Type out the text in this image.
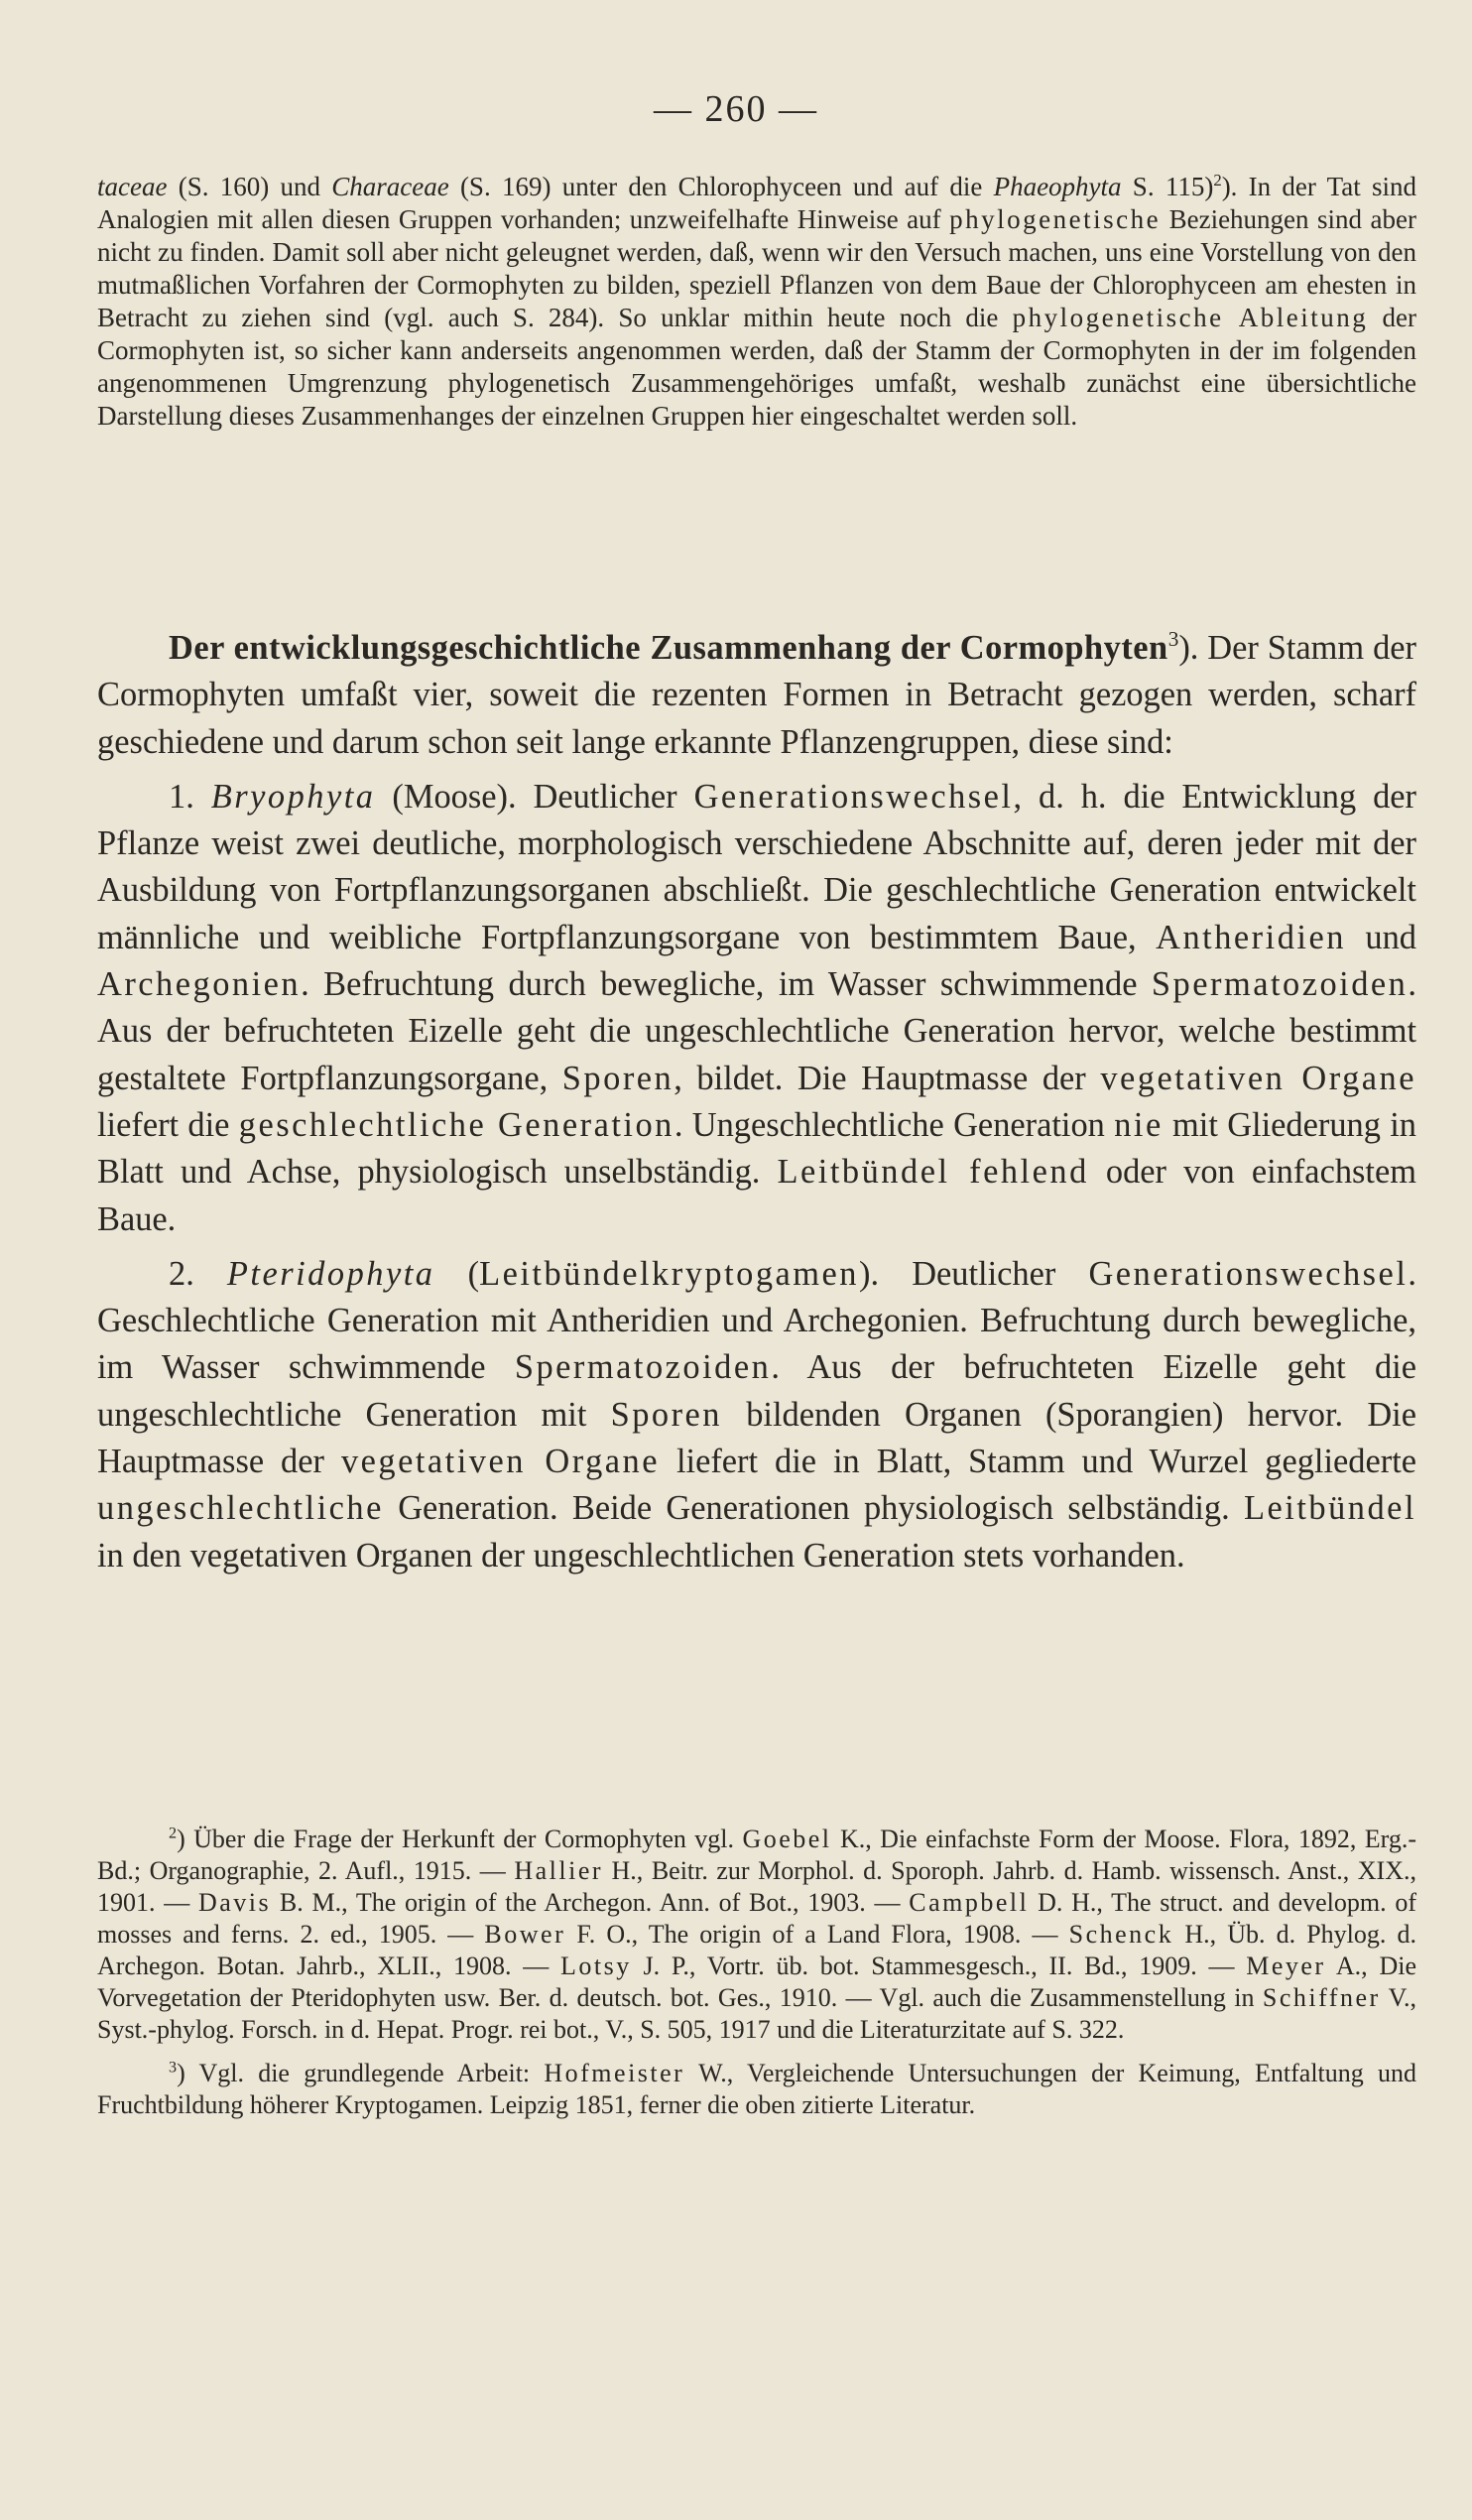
— 260 —

taceae (S. 160) und Characeae (S. 169) unter den Chlorophyceen und auf die Phaeophyta S. 115)$^2$). In der Tat sind Analogien mit allen diesen Gruppen vorhanden; unzweifelhafte Hinweise auf phylogenetische Beziehungen sind aber nicht zu finden. Damit soll aber nicht geleugnet werden, daß, wenn wir den Versuch machen, uns eine Vorstellung von den mutmaßlichen Vorfahren der Cormophyten zu bilden, speziell Pflanzen von dem Baue der Chlorophyceen am ehesten in Betracht zu ziehen sind (vgl. auch S. 284). So unklar mithin heute noch die phylogenetische Ableitung der Cormophyten ist, so sicher kann anderseits angenommen werden, daß der Stamm der Cormophyten in der im folgenden angenommenen Umgrenzung phylogenetisch Zusammengehöriges umfaßt, weshalb zunächst eine übersichtliche Darstellung dieses Zusammenhanges der einzelnen Gruppen hier eingeschaltet werden soll.

Der entwicklungsgeschichtliche Zusammenhang der Cormophyten$^3$). Der Stamm der Cormophyten umfaßt vier, soweit die rezenten Formen in Betracht gezogen werden, scharf geschiedene und darum schon seit lange erkannte Pflanzengruppen, diese sind:

1. Bryophyta (Moose). Deutlicher Generationswechsel, d. h. die Entwicklung der Pflanze weist zwei deutliche, morphologisch verschiedene Abschnitte auf, deren jeder mit der Ausbildung von Fortpflanzungsorganen abschließt. Die geschlechtliche Generation entwickelt männliche und weibliche Fortpflanzungsorgane von bestimmtem Baue, Antheridien und Archegonien. Befruchtung durch bewegliche, im Wasser schwimmende Spermatozoiden. Aus der befruchteten Eizelle geht die ungeschlechtliche Generation hervor, welche bestimmt gestaltete Fortpflanzungsorgane, Sporen, bildet. Die Hauptmasse der vegetativen Organe liefert die geschlechtliche Generation. Ungeschlechtliche Generation nie mit Gliederung in Blatt und Achse, physiologisch unselbständig. Leitbündel fehlend oder von einfachstem Baue.

2. Pteridophyta (Leitbündelkryptogamen). Deutlicher Generationswechsel. Geschlechtliche Generation mit Antheridien und Archegonien. Befruchtung durch bewegliche, im Wasser schwimmende Spermatozoiden. Aus der befruchteten Eizelle geht die ungeschlechtliche Generation mit Sporen bildenden Organen (Sporangien) hervor. Die Hauptmasse der vegetativen Organe liefert die in Blatt, Stamm und Wurzel gegliederte ungeschlechtliche Generation. Beide Generationen physiologisch selbständig. Leitbündel in den vegetativen Organen der ungeschlechtlichen Generation stets vorhanden.

$^2$) Über die Frage der Herkunft der Cormophyten vgl. Goebel K., Die einfachste Form der Moose. Flora, 1892, Erg.-Bd.; Organographie, 2. Aufl., 1915. — Hallier H., Beitr. zur Morphol. d. Sporoph. Jahrb. d. Hamb. wissensch. Anst., XIX., 1901. — Davis B. M., The origin of the Archegon. Ann. of Bot., 1903. — Campbell D. H., The struct. and developm. of mosses and ferns. 2. ed., 1905. — Bower F. O., The origin of a Land Flora, 1908. — Schenck H., Üb. d. Phylog. d. Archegon. Botan. Jahrb., XLII., 1908. — Lotsy J. P., Vortr. üb. bot. Stammesgesch., II. Bd., 1909. — Meyer A., Die Vorvegetation der Pteridophyten usw. Ber. d. deutsch. bot. Ges., 1910. — Vgl. auch die Zusammenstellung in Schiffner V., Syst.-phylog. Forsch. in d. Hepat. Progr. rei bot., V., S. 505, 1917 und die Literaturzitate auf S. 322.

$^3$) Vgl. die grundlegende Arbeit: Hofmeister W., Vergleichende Untersuchungen der Keimung, Entfaltung und Fruchtbildung höherer Kryptogamen. Leipzig 1851, ferner die oben zitierte Literatur.
